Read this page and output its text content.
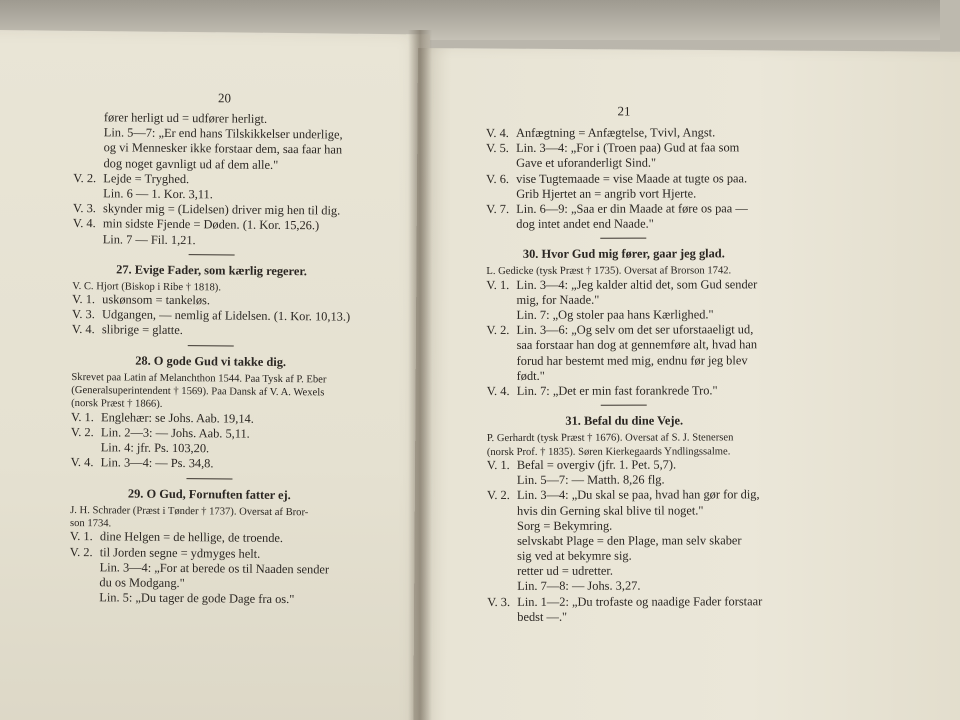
20
21
fører herligt ud = udfører herligt.
Lin. 5—7: „Er end hans Tilskikkelser underlige,
og vi Mennesker ikke forstaar dem, saa faar han
dog noget gavnligt ud af dem alle."
V. 2. Lejde = Tryghed.
Lin. 6 — 1. Kor. 3,11.
V. 3. skynder mig = (Lidelsen) driver mig hen til dig.
V. 4. min sidste Fjende = Døden. (1. Kor. 15,26.)
Lin. 7 — Fil. 1,21.
27. Evige Fader, som kærlig regerer.
V. C. Hjort (Biskop i Ribe † 1818).
V. 1. uskønsom = tankeløs.
V. 3. Udgangen, — nemlig af Lidelsen. (1. Kor. 10,13.)
V. 4. slibrige = glatte.
28. O gode Gud vi takke dig.
Skrevet paa Latin af Melanchthon 1544. Paa Tysk af P. Eber
(Generalsuperintendent † 1569). Paa Dansk af V. A. Wexels
(norsk Præst † 1866).
V. 1. Englehær: se Johs. Aab. 19,14.
V. 2. Lin. 2—3: — Johs. Aab. 5,11.
Lin. 4: jfr. Ps. 103,20.
V. 4. Lin. 3—4: — Ps. 34,8.
29. O Gud, Fornuften fatter ej.
J. H. Schrader (Præst i Tønder † 1737). Oversat af Bror-
son 1734.
V. 1. dine Helgen = de hellige, de troende.
V. 2. til Jorden segne = ydmyges helt.
Lin. 3—4: „For at berede os til Naaden sender
du os Modgang."
Lin. 5: „Du tager de gode Dage fra os."
V. 4. Anfægtning = Anfægtelse, Tvivl, Angst.
V. 5. Lin. 3—4: „For i (Troen paa) Gud at faa som
Gave et uforanderligt Sind."
V. 6. vise Tugtemaade = vise Maade at tugte os paa.
Grib Hjertet an = angrib vort Hjerte.
V. 7. Lin. 6—9: „Saa er din Maade at føre os paa —
dog intet andet end Naade."
30. Hvor Gud mig fører, gaar jeg glad.
L. Gedicke (tysk Præst † 1735). Oversat af Brorson 1742.
V. 1. Lin. 3—4: „Jeg kalder altid det, som Gud sender
mig, for Naade."
Lin. 7: „Og stoler paa hans Kærlighed."
V. 2. Lin. 3—6: „Og selv om det ser uforstaaeligt ud,
saa forstaar han dog at gennemføre alt, hvad han
forud har bestemt med mig, endnu før jeg blev
født."
V. 4. Lin. 7: „Det er min fast forankrede Tro."
31. Befal du dine Veje.
P. Gerhardt (tysk Præst † 1676). Oversat af S. J. Stenersen
(norsk Prof. † 1835). Søren Kierkegaards Yndlingssalme.
V. 1. Befal = overgiv (jfr. 1. Pet. 5,7).
Lin. 5—7: — Matth. 8,26 flg.
V. 2. Lin. 3—4: „Du skal se paa, hvad han gør for dig,
hvis din Gerning skal blive til noget."
Sorg = Bekymring.
selvskabt Plage = den Plage, man selv skaber
sig ved at bekymre sig.
retter ud = udretter.
Lin. 7—8: — Johs. 3,27.
V. 3. Lin. 1—2: „Du trofaste og naadige Fader forstaar
bedst —."
